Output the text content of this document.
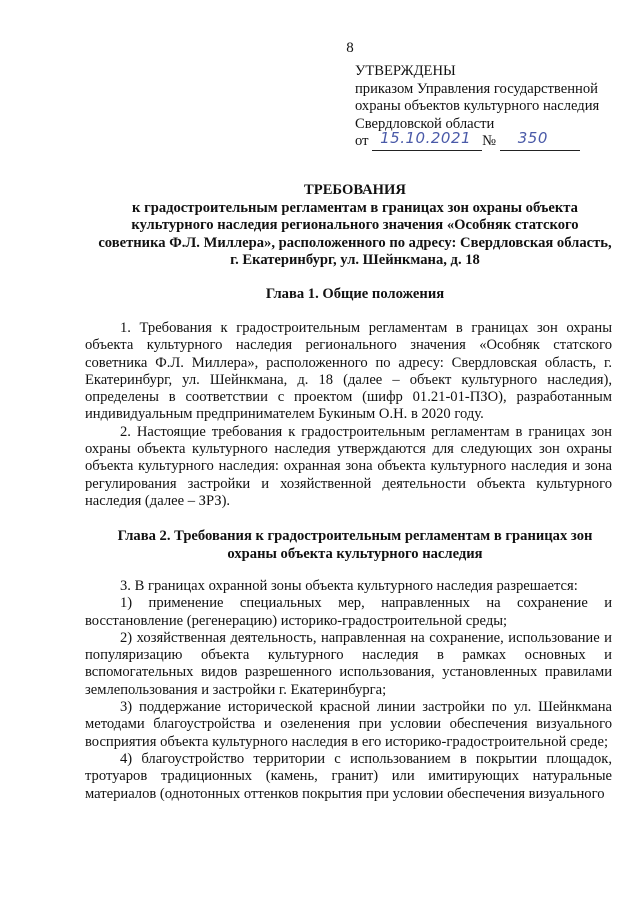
8
УТВЕРЖДЕНЫ
приказом Управления государственной
охраны объектов культурного наследия
Свердловской области
от 15.10.2021 № 350
ТРЕБОВАНИЯ
к градостроительным регламентам в границах зон охраны объекта
культурного наследия регионального значения «Особняк статского
советника Ф.Л. Миллера», расположенного по адресу: Свердловская область,
г. Екатеринбург, ул. Шейнкмана, д. 18
Глава 1. Общие положения

1. Требования к градостроительным регламентам в границах зон охраны объекта культурного наследия регионального значения «Особняк статского советника Ф.Л. Миллера», расположенного по адресу: Свердловская область, г. Екатеринбург, ул. Шейнкмана, д. 18 (далее – объект культурного наследия), определены в соответствии с проектом (шифр 01.21-01-ПЗО), разработанным индивидуальным предпринимателем Букиным О.Н. в 2020 году.

2. Настоящие требования к градостроительным регламентам в границах зон охраны объекта культурного наследия утверждаются для следующих зон охраны объекта культурного наследия: охранная зона объекта культурного наследия и зона регулирования застройки и хозяйственной деятельности объекта культурного наследия (далее – ЗРЗ).

Глава 2. Требования к градостроительным регламентам в границах зон
охраны объекта культурного наследия

3. В границах охранной зоны объекта культурного наследия разрешается:

1) применение специальных мер, направленных на сохранение и восстановление (регенерацию) историко-градостроительной среды;

2) хозяйственная деятельность, направленная на сохранение, использование и популяризацию объекта культурного наследия в рамках основных и вспомогательных видов разрешенного использования, установленных правилами землепользования и застройки г. Екатеринбурга;

3) поддержание исторической красной линии застройки по ул. Шейнкмана методами благоустройства и озеленения при условии обеспечения визуального восприятия объекта культурного наследия в его историко-градостроительной среде;

4) благоустройство территории с использованием в покрытии площадок, тротуаров традиционных (камень, гранит) или имитирующих натуральные материалов (однотонных оттенков покрытия при условии обеспечения визуального
